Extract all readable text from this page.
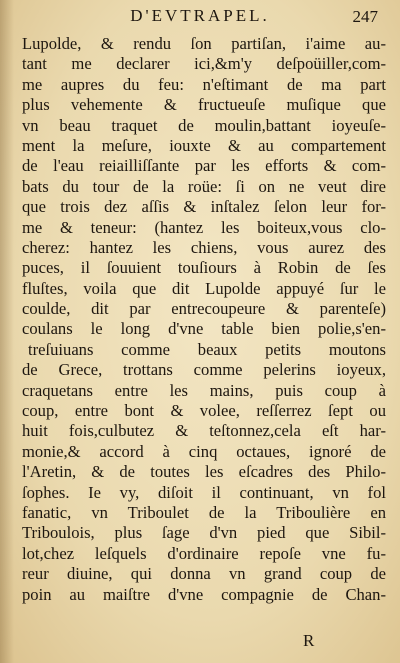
D'EVTRAPEL.	247
Lupolde, & rendu ſon partiſan, i'aime au-
tant me declarer ici,&m'y deſpoüiller,com-
me aupres du feu: n'eſtimant de ma part
plus vehemente & fructueuſe muſique que
vn beau traquet de moulin,battant ioyeuſe-
ment la meſure, iouxte & au compartement
de l'eau reiailliſſante par les efforts & com-
bats du tour de la roüe: ſi on ne veut dire
que trois dez aſſis & inſtalez ſelon leur for-
me & teneur: (hantez les boiteux,vous clo-
cherez: hantez les chiens, vous aurez des
puces, il ſouuient touſiours à Robin de ſes
fluſtes, voila que dit Lupolde appuyé ſur le
coulde, dit par entrecoupeure & parenteſe)
coulans le long d'vne table bien polie,s'en-
treſuiuans comme beaux petits moutons
de Grece, trottans comme pelerins ioyeux,
craquetans entre les mains, puis coup à
coup, entre bont & volee, reſſerrez ſept ou
huit fois,culbutez & teſtonnez,cela eſt har-
monie,& accord à cinq octaues, ignoré de
l'Aretin, & de toutes les eſcadres des Philo-
ſophes. Ie vy, diſoit il continuant, vn fol
fanatic, vn Triboulet de la Triboulière en
Triboulois, plus ſage d'vn pied que Sibil-
lot,chez leſquels d'ordinaire repoſe vne fu-
reur diuine, qui donna vn grand coup de
poin au maiſtre d'vne compagnie de Chan-
R
